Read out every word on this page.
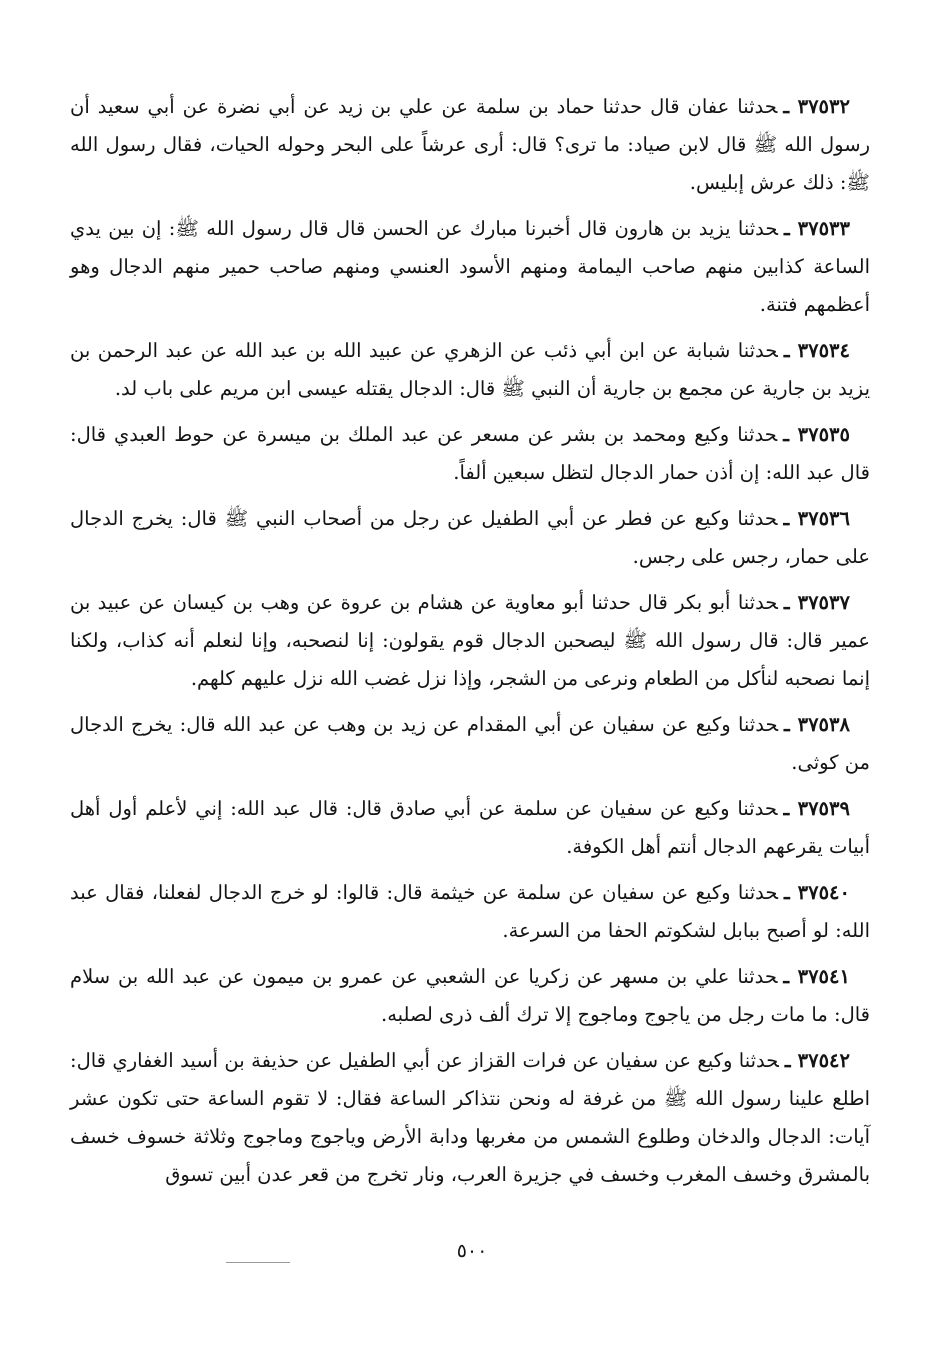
٣٧٥٣٢ ـحدثنا عفان قال حدثنا حماد بن سلمة عن علي بن زيد عن أبي نضرة عن أبي سعيد أن رسول الله ﷺ قال لابن صياد: ما ترى؟ قال: أرى عرشاً على البحر وحوله الحيات، فقال رسول الله ﷺ: ذلك عرش إبليس.

٣٧٥٣٣ ـحدثنا يزيد بن هارون قال أخبرنا مبارك عن الحسن قال قال رسول الله ﷺ: إن بين يدي الساعة كذابين منهم صاحب اليمامة ومنهم الأسود العنسي ومنهم صاحب حمير منهم الدجال وهو أعظمهم فتنة.

٣٧٥٣٤ ـحدثنا شبابة عن ابن أبي ذئب عن الزهري عن عبيد الله بن عبد الله عن عبد الرحمن بن يزيد بن جارية عن مجمع بن جارية أن النبي ﷺ قال: الدجال يقتله عيسى ابن مريم على باب لد.

٣٧٥٣٥ ـحدثنا وكيع ومحمد بن بشر عن مسعر عن عبد الملك بن ميسرة عن حوط العبدي قال: قال عبد الله: إن أذن حمار الدجال لتظل سبعين ألفاً.

٣٧٥٣٦ ـحدثنا وكيع عن فطر عن أبي الطفيل عن رجل من أصحاب النبي ﷺ قال: يخرج الدجال على حمار، رجس على رجس.

٣٧٥٣٧ ـحدثنا أبو بكر قال حدثنا أبو معاوية عن هشام بن عروة عن وهب بن كيسان عن عبيد بن عمير قال: قال رسول الله ﷺ ليصحبن الدجال قوم يقولون: إنا لنصحبه، وإنا لنعلم أنه كذاب، ولكنا إنما نصحبه لنأكل من الطعام ونرعى من الشجر، وإذا نزل غضب الله نزل عليهم كلهم.

٣٧٥٣٨ ـحدثنا وكيع عن سفيان عن أبي المقدام عن زيد بن وهب عن عبد الله قال: يخرج الدجال من كوثى.

٣٧٥٣٩ ـحدثنا وكيع عن سفيان عن سلمة عن أبي صادق قال: قال عبد الله: إني لأعلم أول أهل أبيات يقرعهم الدجال أنتم أهل الكوفة.

٣٧٥٤٠ ـحدثنا وكيع عن سفيان عن سلمة عن خيثمة قال: قالوا: لو خرج الدجال لفعلنا، فقال عبد الله: لو أصبح ببابل لشكوتم الحفا من السرعة.

٣٧٥٤١ ـحدثنا علي بن مسهر عن زكريا عن الشعبي عن عمرو بن ميمون عن عبد الله بن سلام قال: ما مات رجل من ياجوج وماجوج إلا ترك ألف ذرى لصلبه.

٣٧٥٤٢ ـحدثنا وكيع عن سفيان عن فرات القزاز عن أبي الطفيل عن حذيفة بن أسيد الغفاري قال: اطلع علينا رسول الله ﷺ من غرفة له ونحن نتذاكر الساعة فقال: لا تقوم الساعة حتى تكون عشر آيات: الدجال والدخان وطلوع الشمس من مغربها ودابة الأرض وياجوج وماجوج وثلاثة خسوف خسف بالمشرق وخسف المغرب وخسف في جزيرة العرب، ونار تخرج من قعر عدن أبين تسوق

٥٠٠
